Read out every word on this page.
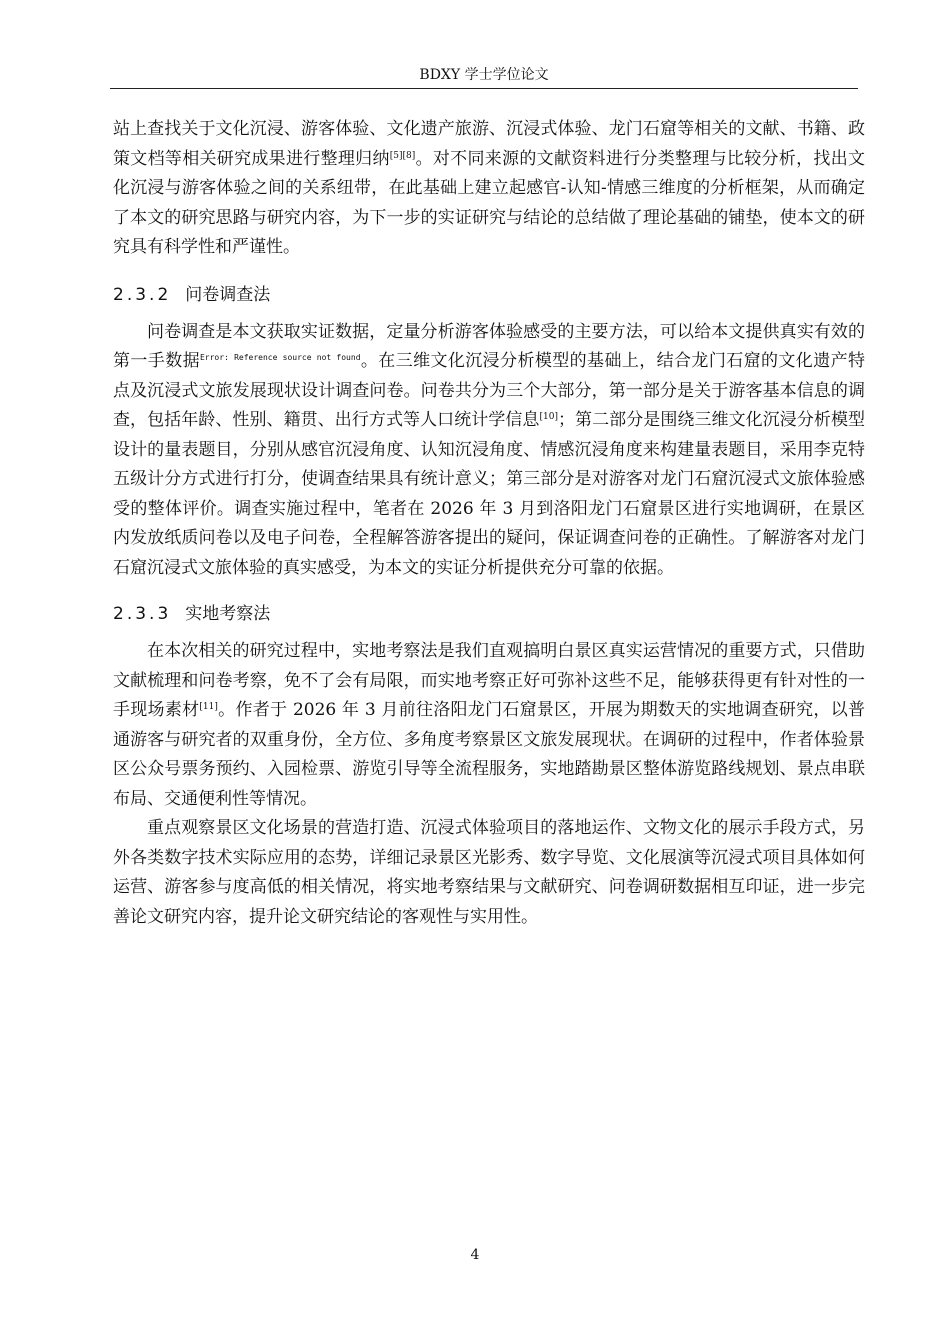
BDXY 学士学位论文

站上查找关于文化沉浸、游客体验、文化遗产旅游、沉浸式体验、龙门石窟等相关的文献、书籍、政策文档等相关研究成果进行整理归纳[5][8]。对不同来源的文献资料进行分类整理与比较分析，找出文化沉浸与游客体验之间的关系纽带，在此基础上建立起感官-认知-情感三维度的分析框架，从而确定了本文的研究思路与研究内容，为下一步的实证研究与结论的总结做了理论基础的铺垫，使本文的研究具有科学性和严谨性。

2.3.2 问卷调查法

问卷调查是本文获取实证数据，定量分析游客体验感受的主要方法，可以给本文提供真实有效的第一手数据$^{Error: Reference source not found}$。在三维文化沉浸分析模型的基础上，结合龙门石窟的文化遗产特点及沉浸式文旅发展现状设计调查问卷。问卷共分为三个大部分，第一部分是关于游客基本信息的调查，包括年龄、性别、籍贯、出行方式等人口统计学信息[10]；第二部分是围绕三维文化沉浸分析模型设计的量表题目，分别从感官沉浸角度、认知沉浸角度、情感沉浸角度来构建量表题目，采用李克特五级计分方式进行打分，使调查结果具有统计意义；第三部分是对游客对龙门石窟沉浸式文旅体验感受的整体评价。调查实施过程中，笔者在 2026 年 3 月到洛阳龙门石窟景区进行实地调研，在景区内发放纸质问卷以及电子问卷，全程解答游客提出的疑问，保证调查问卷的正确性。了解游客对龙门石窟沉浸式文旅体验的真实感受，为本文的实证分析提供充分可靠的依据。

2.3.3 实地考察法

在本次相关的研究过程中，实地考察法是我们直观搞明白景区真实运营情况的重要方式，只借助文献梳理和问卷考察，免不了会有局限，而实地考察正好可弥补这些不足，能够获得更有针对性的一手现场素材[11]。作者于 2026 年 3 月前往洛阳龙门石窟景区，开展为期数天的实地调查研究，以普通游客与研究者的双重身份，全方位、多角度考察景区文旅发展现状。在调研的过程中，作者体验景区公众号票务预约、入园检票、游览引导等全流程服务，实地踏勘景区整体游览路线规划、景点串联布局、交通便利性等情况。

重点观察景区文化场景的营造打造、沉浸式体验项目的落地运作、文物文化的展示手段方式，另外各类数字技术实际应用的态势，详细记录景区光影秀、数字导览、文化展演等沉浸式项目具体如何运营、游客参与度高低的相关情况，将实地考察结果与文献研究、问卷调研数据相互印证，进一步完善论文研究内容，提升论文研究结论的客观性与实用性。

4
